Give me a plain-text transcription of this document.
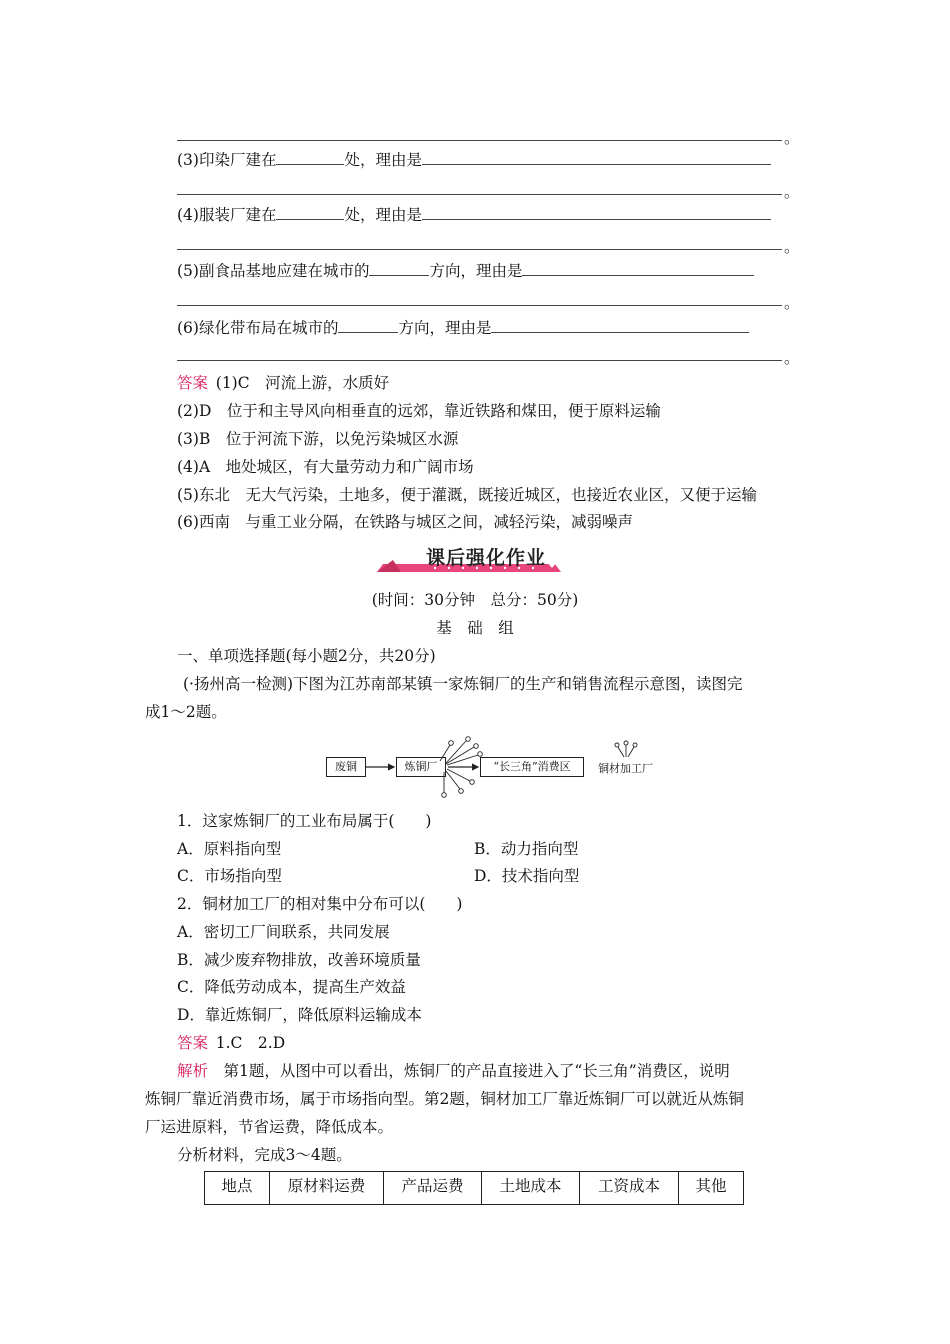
。
(3)印染厂建在	处，理由是
。
(4)服装厂建在	处，理由是
。
(5)副食品基地应建在城市的	方向，理由是
。
(6)绿化带布局在城市的	方向，理由是
。
答案  (1)C　河流上游，水质好
(2)D　位于和主导风向相垂直的远郊，靠近铁路和煤田，便于原料运输
(3)B　位于河流下游，以免污染城区水源
(4)A　地处城区，有大量劳动力和广阔市场
(5)东北　无大气污染，土地多，便于灌溉，既接近城区，也接近农业区，又便于运输
(6)西南　与重工业分隔，在铁路与城区之间，减轻污染，减弱噪声
课后强化作业
(时间：30分钟　总分：50分)
基　础　组
一、单项选择题(每小题2分，共20分)
(·扬州高一检测)下图为江苏南部某镇一家炼铜厂的生产和销售流程示意图，读图完
成1～2题。
废铜	炼铜厂	“长三角”消费区	铜材加工厂
1．这家炼铜厂的工业布局属于(　　)
A．原料指向型	B．动力指向型
C．市场指向型	D．技术指向型
2．铜材加工厂的相对集中分布可以(　　)
A．密切工厂间联系，共同发展
B．减少废弃物排放，改善环境质量
C．降低劳动成本，提高生产效益
D．靠近炼铜厂，降低原料运输成本
答案  1.C　2.D
解析  第1题，从图中可以看出，炼铜厂的产品直接进入了“长三角”消费区，说明
炼铜厂靠近消费市场，属于市场指向型。第2题，铜材加工厂靠近炼铜厂可以就近从炼铜
厂运进原料，节省运费，降低成本。
分析材料，完成3～4题。
地点	原材料运费	产品运费	土地成本	工资成本	其他
